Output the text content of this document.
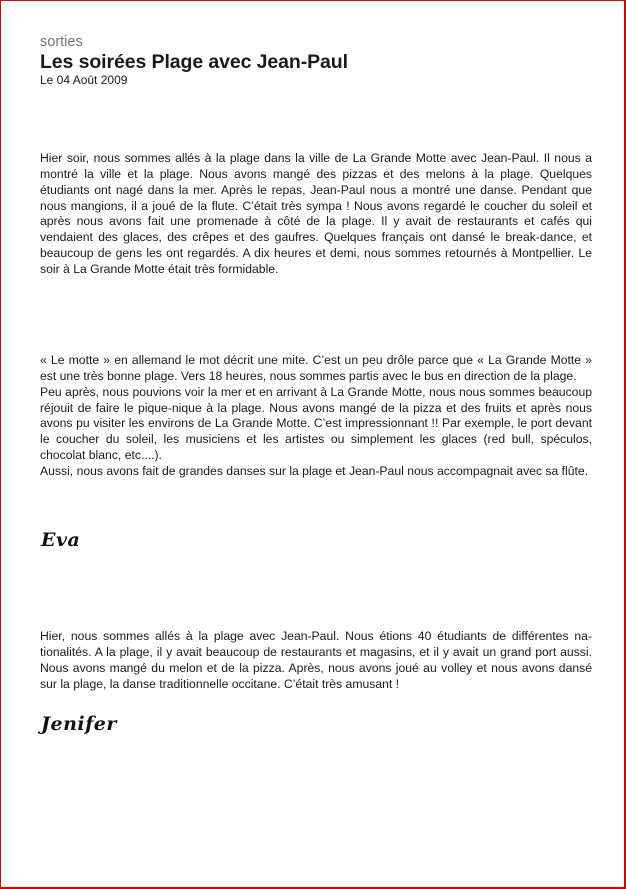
sorties
Les soirées Plage avec Jean-Paul
Le 04 Août 2009

Hier soir, nous sommes allés à la plage dans la ville de La Grande Motte avec Jean-Paul. Il nous a montré la ville et la plage. Nous avons mangé des pizzas et des melons à la plage. Quelques étudiants ont nagé dans la mer. Après le repas, Jean-Paul nous a montré une danse. Pendant que nous mangions, il a joué de la flute. C’était très sympa ! Nous avons regardé le coucher du soleil et après nous avons fait une promenade à côté de la plage. Il y avait de restaurants et cafés qui vendaient des glaces, des crêpes et des gaufres. Quelques français ont dansé le break-dance, et beaucoup de gens les ont regardés. A dix heures et demi, nous sommes retournés à Montpellier. Le soir à La Grande Motte était très formidable.

« Le motte » en allemand le mot décrit une mite. C’est un peu drôle parce que « La Grande Motte » est une très bonne plage. Vers 18 heures, nous sommes partis avec le bus en direction de la plage.

Peu après, nous pouvions voir la mer et en arrivant à La Grande Motte, nous nous sommes beaucoup réjouit de faire le pique-nique à la plage. Nous avons mangé de la pizza et des fruits et après nous avons pu visiter les environs de La Grande Motte. C’est impressionnant !! Par exemple, le port devant le coucher du soleil, les musiciens et les artistes ou simplement les glaces (red bull, spéculos, chocolat blanc, etc....).

Aussi, nous avons fait de grandes danses sur la plage et Jean-Paul nous accompagnait avec sa flûte.

Eva

Hier, nous sommes allés à la plage avec Jean-Paul. Nous étions 40 étudiants de différentes nationalités. A la plage, il y avait beaucoup de restaurants et magasins, et il y avait un grand port aussi. Nous avons mangé du melon et de la pizza. Après, nous avons joué au volley et nous avons dansé sur la plage, la danse traditionnelle occitane. C’était très amusant !

Jenifer
